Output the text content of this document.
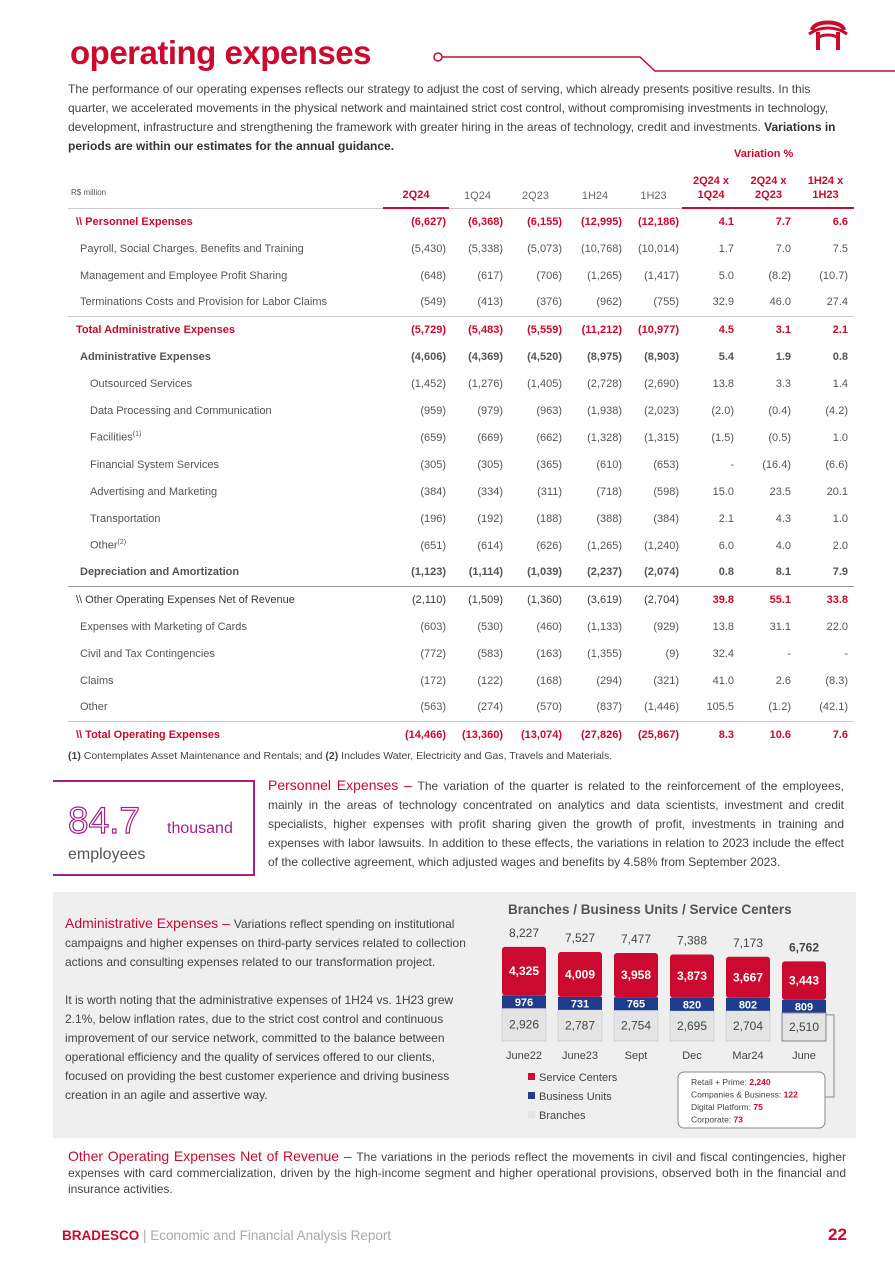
operating expenses

The performance of our operating expenses reflects our strategy to adjust the cost of serving, which already presents positive results. In this quarter, we accelerated movements in the physical network and maintained strict cost control, without compromising investments in technology, development, infrastructure and strengthening the framework with greater hiring in the areas of technology, credit and investments. Variations in periods are within our estimates for the annual guidance.

Variation %
R$ million	2Q24	1Q24	2Q23	1H24	1H23	2Q24 x 1Q24	2Q24 x 2Q23	1H24 x 1H23
\\ Personnel Expenses	(6,627)	(6,368)	(6,155)	(12,995)	(12,186)	4.1	7.7	6.6
Payroll, Social Charges, Benefits and Training	(5,430)	(5,338)	(5,073)	(10,768)	(10,014)	1.7	7.0	7.5
Management and Employee Profit Sharing	(648)	(617)	(706)	(1,265)	(1,417)	5.0	(8.2)	(10.7)
Terminations Costs and Provision for Labor Claims	(549)	(413)	(376)	(962)	(755)	32.9	46.0	27.4
Total Administrative Expenses	(5,729)	(5,483)	(5,559)	(11,212)	(10,977)	4.5	3.1	2.1
Administrative Expenses	(4,606)	(4,369)	(4,520)	(8,975)	(8,903)	5.4	1.9	0.8
Outsourced Services	(1,452)	(1,276)	(1,405)	(2,728)	(2,690)	13.8	3.3	1.4
Data Processing and Communication	(959)	(979)	(963)	(1,938)	(2,023)	(2.0)	(0.4)	(4.2)
Facilities$^{(1)}$	(659)	(669)	(662)	(1,328)	(1,315)	(1.5)	(0.5)	1.0
Financial System Services	(305)	(305)	(365)	(610)	(653)	-	(16.4)	(6.6)
Advertising and Marketing	(384)	(334)	(311)	(718)	(598)	15.0	23.5	20.1
Transportation	(196)	(192)	(188)	(388)	(384)	2.1	4.3	1.0
Other$^{(2)}$	(651)	(614)	(626)	(1,265)	(1,240)	6.0	4.0	2.0
Depreciation and Amortization	(1,123)	(1,114)	(1,039)	(2,237)	(2,074)	0.8	8.1	7.9
\\ Other Operating Expenses Net of Revenue	(2,110)	(1,509)	(1,360)	(3,619)	(2,704)	39.8	55.1	33.8
Expenses with Marketing of Cards	(603)	(530)	(460)	(1,133)	(929)	13.8	31.1	22.0
Civil and Tax Contingencies	(772)	(583)	(163)	(1,355)	(9)	32.4	-	-
Claims	(172)	(122)	(168)	(294)	(321)	41.0	2.6	(8.3)
Other	(563)	(274)	(570)	(837)	(1,446)	105.5	(1.2)	(42.1)
\\ Total Operating Expenses	(14,466)	(13,360)	(13,074)	(27,826)	(25,867)	8.3	10.6	7.6
(1) Contemplates Asset Maintenance and Rentals; and (2) Includes Water, Electricity and Gas, Travels and Materials.
84.7 thousand
employees

Personnel Expenses – The variation of the quarter is related to the reinforcement of the employees, mainly in the areas of technology concentrated on analytics and data scientists, investment and credit specialists, higher expenses with profit sharing given the growth of profit, investments in training and expenses with labor lawsuits. In addition to these effects, the variations in relation to 2023 include the effect of the collective agreement, which adjusted wages and benefits by 4.58% from September 2023.

Administrative Expenses – Variations reflect spending on institutional campaigns and higher expenses on third-party services related to collection actions and consulting expenses related to our transformation project.

It is worth noting that the administrative expenses of 1H24 vs. 1H23 grew 2.1%, below inflation rates, due to the strict cost control and continuous improvement of our service network, committed to the balance between operational efficiency and the quality of services offered to our clients, focused on providing the best customer experience and driving business creation in an agile and assertive way.

Branches / Business Units / Service Centers
2,926
976
4,325
8,227
June22
2,787
731
4,009
7,527
June23
2,754
765
3,958
7,477
Sept
2,695
820
3,873
7,388
Dec
2,704
802
3,667
7,173
Mar24
2,510
809
3,443
6,762
June
Service Centers
Business Units
Branches
Retail + Prime: 2,240
Companies & Business: 122
Digital Platform: 75
Corporate: 73

Other Operating Expenses Net of Revenue – The variations in the periods reflect the movements in civil and fiscal contingencies, higher expenses with card commercialization, driven by the high-income segment and higher operational provisions, observed both in the financial and insurance activities.

BRADESCO | Economic and Financial Analysis Report	22
